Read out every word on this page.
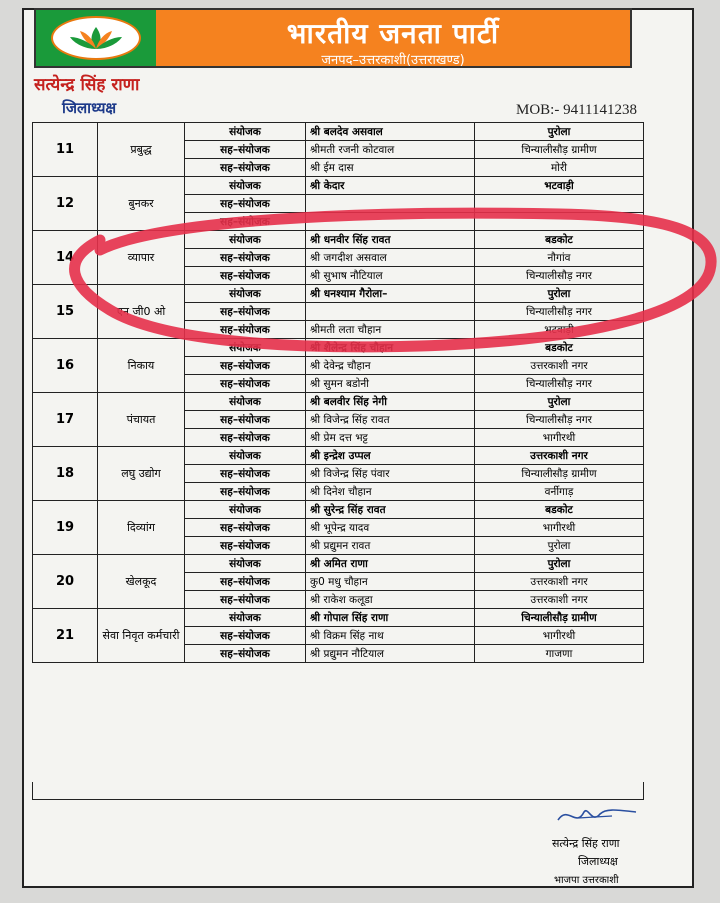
भारतीय जनता पार्टी
जनपद–उत्तरकाशी(उत्तराखण्ड)
सत्येन्द्र सिंह राणा
जिलाध्यक्ष	MOB:- 9411141238
11	प्रबुद्ध	संयोजक	श्री बलदेव असवाल	पुरोला
		सह–संयोजक	श्रीमती रजनी कोटवाल	चिन्यालीसौड़ ग्रामीण
		सह–संयोजक	श्री ईम दास	मोरी
12	बुनकर	संयोजक	श्री केदार	भटवाड़ी
		सह–संयोजक		
		सह–संयोजक		
14	व्यापार	संयोजक	श्री धनवीर सिंह रावत	बडकोट
		सह–संयोजक	श्री जगदीश असवाल	नौगांव
		सह–संयोजक	श्री सुभाष नौटियाल	चिन्यालीसौड़ नगर
15	एन जी0 ओ	संयोजक	श्री धनश्याम गैरोला–	पुरोला
		सह–संयोजक		चिन्यालीसौड़ नगर
		सह–संयोजक	श्रीमती लता चौहान	भटवाड़ी
16	निकाय	संयोजक	श्री शैलेन्द्र सिंह चौहान	बडकोट
		सह–संयोजक	श्री देवेन्द्र चौहान	उत्तरकाशी नगर
		सह–संयोजक	श्री सुमन बडोनी	चिन्यालीसौड़ नगर
17	पंचायत	संयोजक	श्री बलवीर सिंह नेगी	पुरोला
		सह–संयोजक	श्री विजेन्द्र सिंह रावत	चिन्यालीसौड़ नगर
		सह–संयोजक	श्री प्रेम दत्त भट्ट	भागीरथी
18	लघु उद्योग	संयोजक	श्री इन्द्रेश उप्पल	उत्तरकाशी नगर
		सह–संयोजक	श्री विजेन्द्र सिंह पंवार	चिन्यालीसौड़ ग्रामीण
		सह–संयोजक	श्री दिनेश चौहान	वर्नीगाड़
19	दिव्यांग	संयोजक	श्री सुरेन्द्र सिंह रावत	बडकोट
		सह–संयोजक	श्री भूपेन्द्र यादव	भागीरथी
		सह–संयोजक	श्री प्रद्युमन रावत	पुरोला
20	खेलकूद	संयोजक	श्री अमित राणा	पुरोला
		सह–संयोजक	कु0 मधु चौहान	उत्तरकाशी नगर
		सह–संयोजक	श्री राकेश कलूडा	उत्तरकाशी नगर
21	सेवा निवृत कर्मचारी	संयोजक	श्री गोपाल सिंह राणा	चिन्यालीसौड़ ग्रामीण
		सह–संयोजक	श्री विक्रम सिंह नाथ	भागीरथी
		सह–संयोजक	श्री प्रद्युमन नौटियाल	गाजणा
सत्येन्द्र सिंह राणा
जिलाध्यक्ष
भाजपा उत्तरकाशी
